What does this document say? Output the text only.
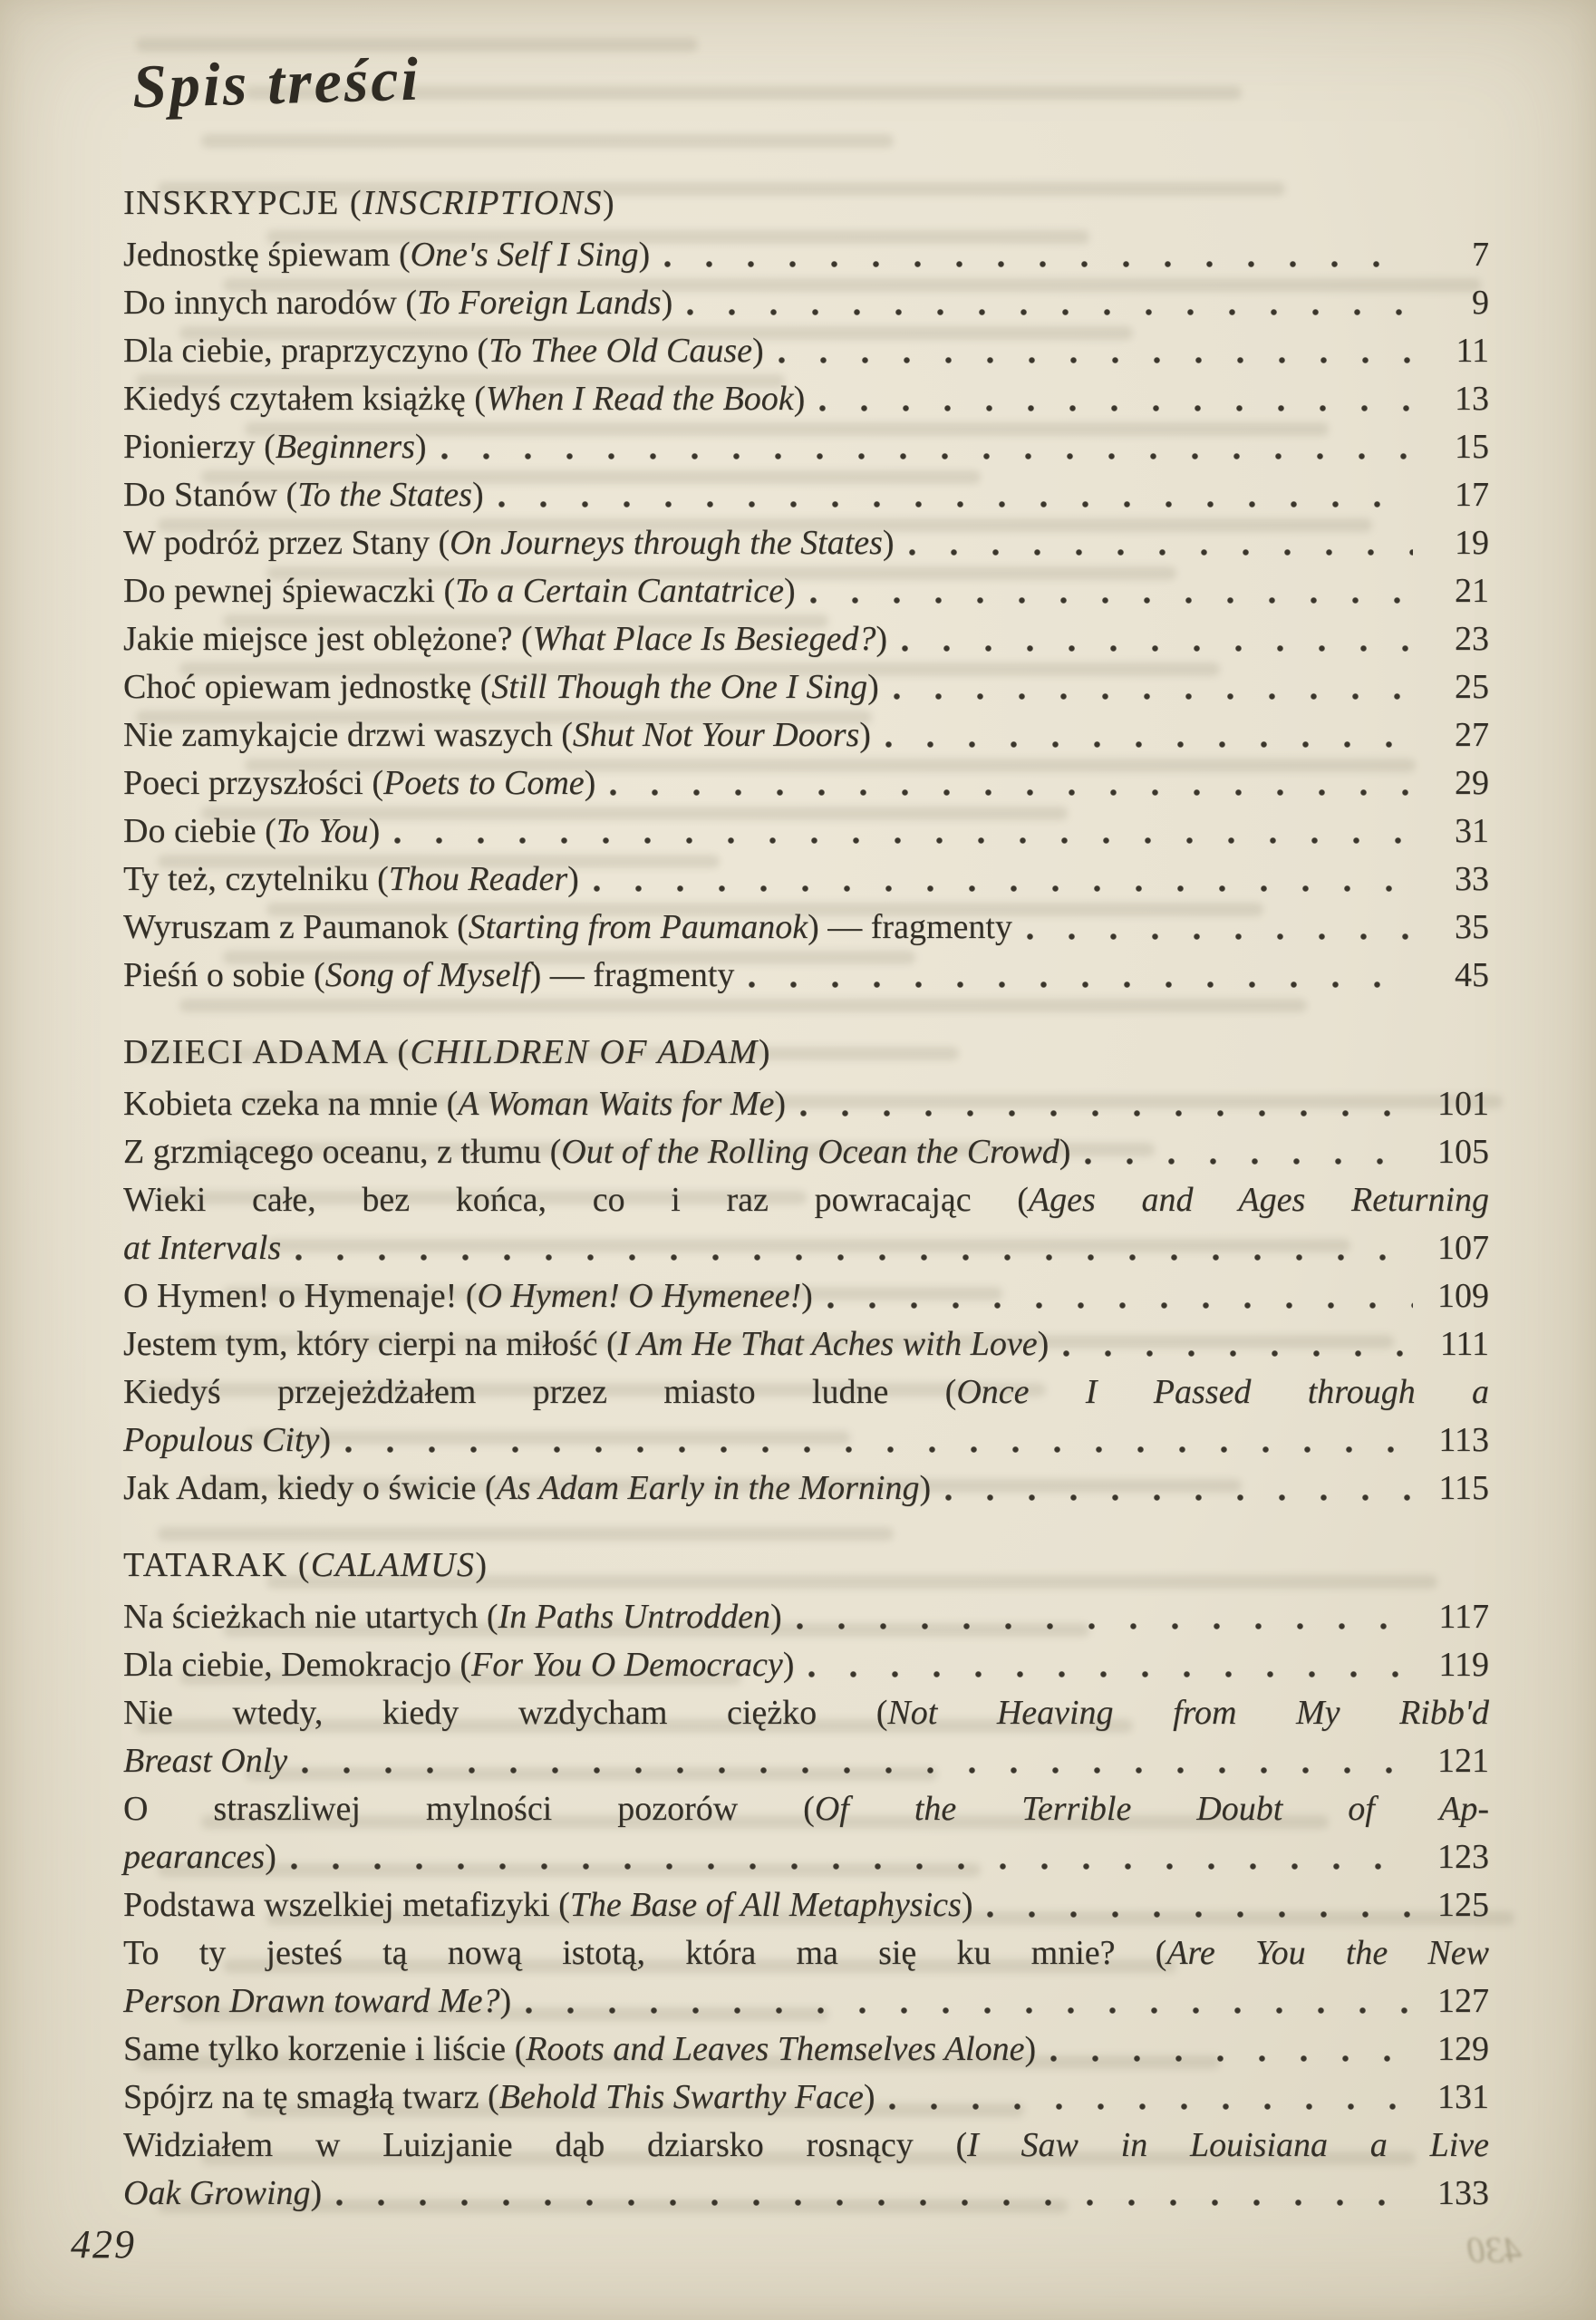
430
Spis treści
INSKRYPCJE (INSCRIPTIONS)
Jednostkę śpiewam (One's Self I Sing)	7
Do innych narodów (To Foreign Lands)	9
Dla ciebie, praprzyczyno (To Thee Old Cause)	11
Kiedyś czytałem książkę (When I Read the Book)	13
Pionierzy (Beginners)	15
Do Stanów (To the States)	17
W podróż przez Stany (On Journeys through the States)	19
Do pewnej śpiewaczki (To a Certain Cantatrice)	21
Jakie miejsce jest oblężone? (What Place Is Besieged?)	23
Choć opiewam jednostkę (Still Though the One I Sing)	25
Nie zamykajcie drzwi waszych (Shut Not Your Doors)	27
Poeci przyszłości (Poets to Come)	29
Do ciebie (To You)	31
Ty też, czytelniku (Thou Reader)	33
Wyruszam z Paumanok (Starting from Paumanok) — fragmenty	35
Pieśń o sobie (Song of Myself) — fragmenty	45
DZIECI ADAMA (CHILDREN OF ADAM)
Kobieta czeka na mnie (A Woman Waits for Me)	101
Z grzmiącego oceanu, z tłumu (Out of the Rolling Ocean the Crowd)	105
Wieki całe, bez końca, co i raz powracając (Ages and Ages Returning
at Intervals	107
O Hymen! o Hymenaje! (O Hymen! O Hymenee!)	109
Jestem tym, który cierpi na miłość (I Am He That Aches with Love)	111
Kiedyś przejeżdżałem przez miasto ludne (Once I Passed through a
Populous City)	113
Jak Adam, kiedy o świcie (As Adam Early in the Morning)	115
TATARAK (CALAMUS)
Na ścieżkach nie utartych (In Paths Untrodden)	117
Dla ciebie, Demokracjo (For You O Democracy)	119
Nie wtedy, kiedy wzdycham ciężko (Not Heaving from My Ribb'd
Breast Only	121
O straszliwej mylności pozorów (Of the Terrible Doubt of Ap-
pearances)	123
Podstawa wszelkiej metafizyki (The Base of All Metaphysics)	125
To ty jesteś tą nową istotą, która ma się ku mnie? (Are You the New
Person Drawn toward Me?)	127
Same tylko korzenie i liście (Roots and Leaves Themselves Alone)	129
Spójrz na tę smagłą twarz (Behold This Swarthy Face)	131
Widziałem w Luizjanie dąb dziarsko rosnący (I Saw in Louisiana a Live
Oak Growing)	133
429
